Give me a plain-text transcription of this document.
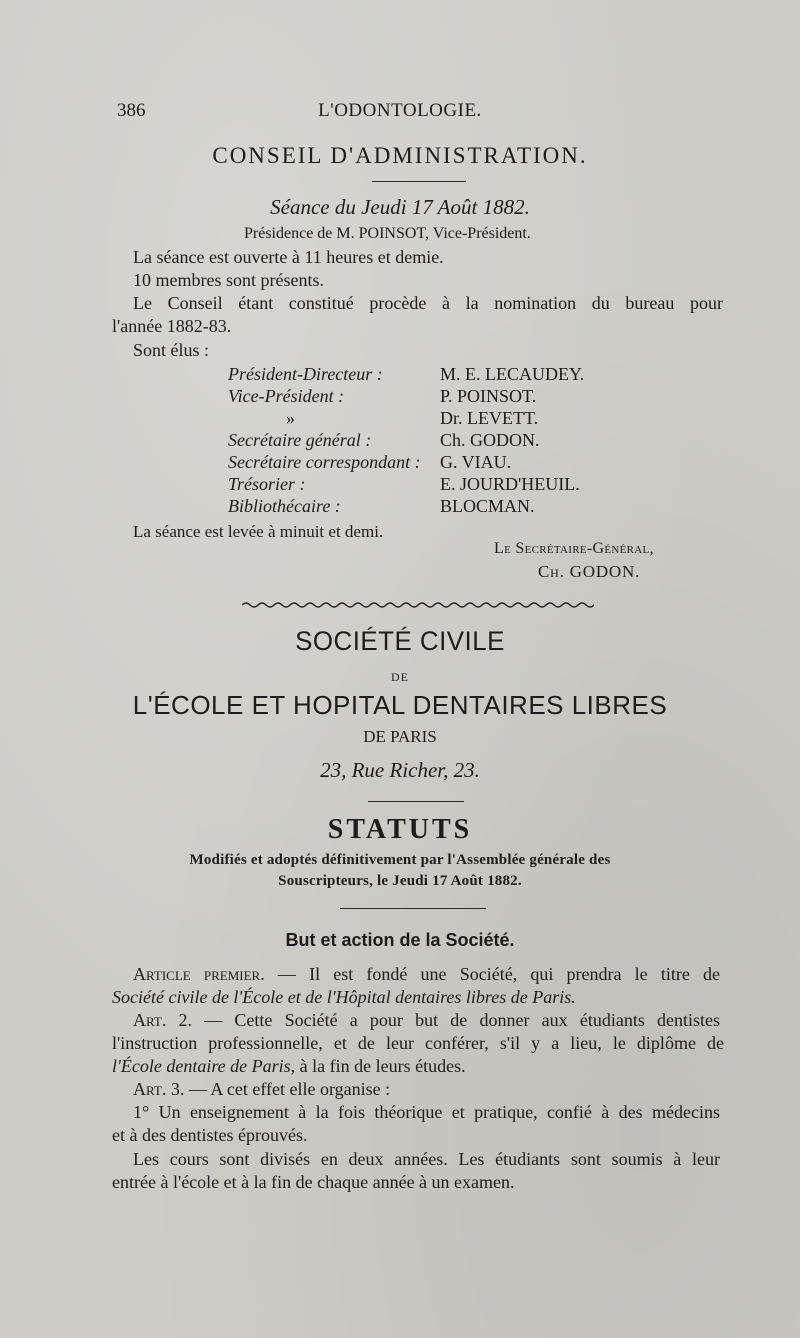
386	L'ODONTOLOGIE.
CONSEIL D'ADMINISTRATION.
Séance du Jeudi 17 Août 1882.
Présidence de M. POINSOT, Vice-Président.
La séance est ouverte à 11 heures et demie.
10 membres sont présents.
Le Conseil étant constitué procède à la nomination du bureau pour
l'année 1882-83.
Sont élus :
Président-Directeur :	M. E. LECAUDEY.
Vice-Président :	P. POINSOT.
»	Dr. LEVETT.
Secrétaire général :	Ch. GODON.
Secrétaire correspondant : G. VIAU.
Trésorier :	E. JOURD'HEUIL.
Bibliothécaire :	BLOCMAN.
La séance est levée à minuit et demi.
Le Secrétaire-Général,
Ch. GODON.
SOCIÉTÉ CIVILE
DE
L'ÉCOLE ET HOPITAL DENTAIRES LIBRES
DE PARIS
23, Rue Richer, 23.
STATUTS
Modifiés et adoptés définitivement par l'Assemblée générale des
Souscripteurs, le Jeudi 17 Août 1882.
But et action de la Société.
Article premier. — Il est fondé une Société, qui prendra le titre de
Société civile de l'École et de l'Hôpital dentaires libres de Paris.
Art. 2. — Cette Société a pour but de donner aux étudiants dentistes
l'instruction professionnelle, et de leur conférer, s'il y a lieu, le diplôme de
l'École dentaire de Paris, à la fin de leurs études.
Art. 3. — A cet effet elle organise :
1° Un enseignement à la fois théorique et pratique, confié à des médecins
et à des dentistes éprouvés.
Les cours sont divisés en deux années. Les étudiants sont soumis à leur
entrée à l'école et à la fin de chaque année à un examen.
